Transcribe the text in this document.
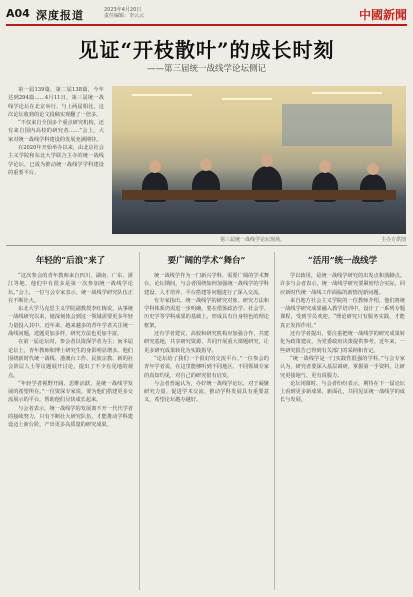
A04 深度报道	2023年4月20日
责任编辑：李云云	中國新聞
见证“开枝散叶”的成长时刻
——第三届统一战线学论坛侧记

第一届139篇，第二届138篇，今年达到294篇……4月11日，第三届统一战线学论坛在北京举行，与上两届相比，这次论坛收到的论文投稿实现翻了一倍多。

“不仅来自全国多个重点研究机构，还有来自国内高校的研究者……”会上，大家对统一战线学科建设的发展充满期待。

在2020年开始举办以来，由北京社会主义学院和东北大学联合主办的统一战线学论坛，已成为推动统一战线学学科建设的重要平台。

第三届统一战线学论坛现场。	主办方供图
年轻的“后浪”来了

“这次参会的青年教师来自四川、湖南、广东、浙江等地，他们中有很多是第一次参加统一战线学论坛。”会上，一位与会专家表示，统一战线学研究队伍正在不断壮大。

东北大学马克思主义学院副教授李红梅说，从事统一战线研究以来，她深刻体会到这一领域需要更多年轻力量投入其中。近年来，越来越多的青年学者关注统一战线问题，选题更加多样，研究方法也更加丰富。

在第一届论坛时，参会者以资深学者为主；而本届论坛上，青年教师和博士研究生的身影明显增多。他们围绕新时代统一战线、港澳台工作、民族宗教、新的社会阶层人士等议题展开讨论，提出了不少有见地的观点。

“年轻学者视野开阔、思维活跃，是统一战线学发展的希望所在。”一位资深专家说，要为他们搭建更多交流展示的平台，帮助他们尽快成长起来。

与会者表示，统一战线学的发展离不开一代代学者的接续努力，只有不断壮大研究队伍，才能推动学科建设迈上新台阶，产出更多高质量的研究成果。

要广阔的学术“舞台”

统一战线学作为一门新兴学科，需要广阔的学术舞台。论坛期间，与会者围绕如何加强统一战线学的学科建设、人才培养、平台搭建等问题进行了深入交流。

有专家指出，统一战线学的研究对象、研究方法和学科体系仍需进一步明确，要在借鉴政治学、社会学、历史学等学科成果的基础上，形成具有自身特色的理论框架。

还有学者建议，高校和研究机构应加强合作，共建研究基地，共享研究资源，共同开展重大课题研究，让更多研究成果转化为实践指导。

“论坛给了我们一个很好的交流平台。”一位参会的青年学者说，在这里能够听到不同地区、不同领域专家的真知灼见，对自己的研究很有启发。

与会者普遍认为，办好统一战线学论坛，对于凝聚研究力量、促进学术交流、推动学科发展具有重要意义，希望论坛越办越好。

“活用”统一战线学

学以致用，是统一战线学研究的出发点和落脚点。许多与会者表示，统一战线学研究要紧密结合实际，回应新时代统一战线工作面临的新情况新问题。

来自地方社会主义学院的一位教师介绍，他们将统一战线学研究成果融入教学培训中，设计了一系列专题课程，受到学员欢迎。“理论研究只有服务实践，才能真正发挥作用。”

还有学者提出，要注重把统一战线学的研究成果转化为政策建议，为党委政府决策提供参考。近年来，一些研究报告已得到有关部门的采纳和肯定。

“统一战线学是一门实践性很强的学科。”与会专家认为，研究者要深入基层调研，掌握第一手资料，让研究更接地气、更有说服力。

论坛闭幕时，与会者纷纷表示，期待在下一届论坛上看到更多新成果、新面孔，共同见证统一战线学的成长与发展。
